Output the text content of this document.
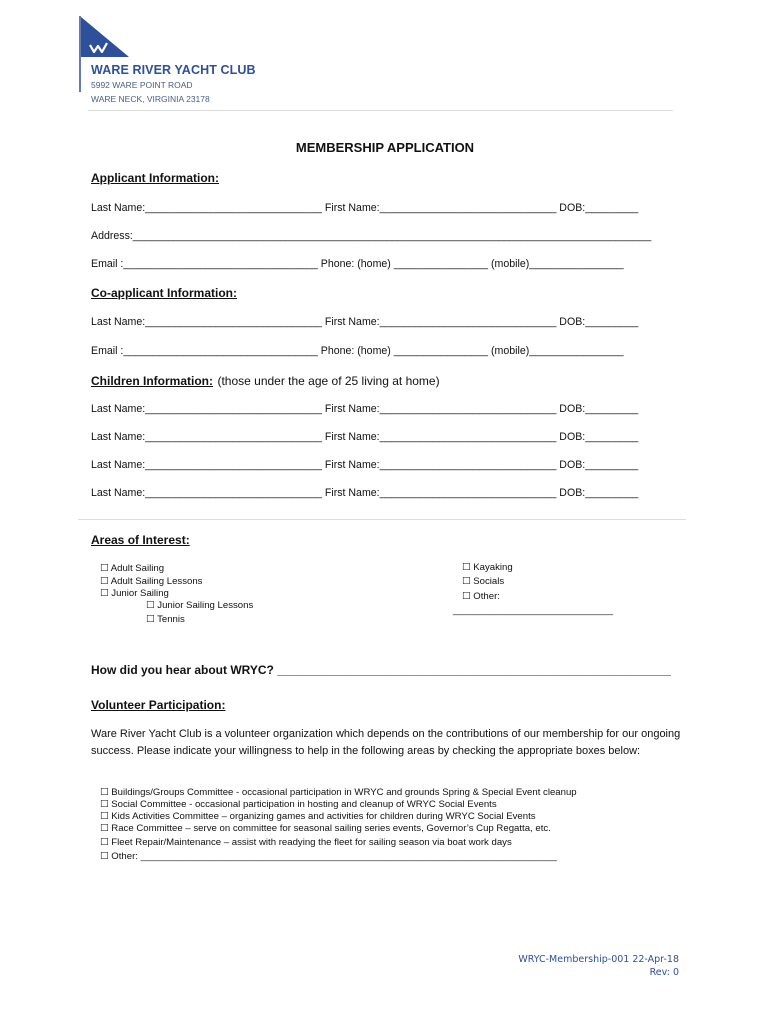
WARE RIVER YACHT CLUB
5992 WARE POINT ROAD
WARE NECK, VIRGINIA 23178
MEMBERSHIP APPLICATION
Applicant Information:
Last Name:______________________________ First Name:______________________________ DOB:_________
Address:________________________________________________________________________________________
Email :_________________________________ Phone: (home) ________________ (mobile)________________
Co-applicant Information:
Last Name:______________________________ First Name:______________________________ DOB:_________
Email :_________________________________ Phone: (home) ________________ (mobile)________________
Children Information: (those under the age of 25 living at home)
Last Name:______________________________ First Name:______________________________ DOB:_________
Last Name:______________________________ First Name:______________________________ DOB:_________
Last Name:______________________________ First Name:______________________________ DOB:_________
Last Name:______________________________ First Name:______________________________ DOB:_________
Areas of Interest:
☐ Adult Sailing
☐ Adult Sailing Lessons
☐ Junior Sailing
☐ Junior Sailing Lessons
☐ Tennis
☐ Kayaking
☐ Socials
☐ Other:
______________________________
How did you hear about WRYC? ___________________________________________________________
Volunteer Participation:
Ware River Yacht Club is a volunteer organization which depends on the contributions of our membership for our ongoing success. Please indicate your willingness to help in the following areas by checking the appropriate boxes below:
☐ Buildings/Groups Committee - occasional participation in WRYC and grounds Spring & Special Event cleanup
☐ Social Committee - occasional participation in hosting and cleanup of WRYC Social Events
☐ Kids Activities Committee – organizing games and activities for children during WRYC Social Events
☐ Race Committee – serve on committee for seasonal sailing series events, Governor’s Cup Regatta, etc.
☐ Fleet Repair/Maintenance – assist with readying the fleet for sailing season via boat work days
☐ Other: ______________________________________________________________________________
WRYC-Membership-001 22-Apr-18
Rev: 0
